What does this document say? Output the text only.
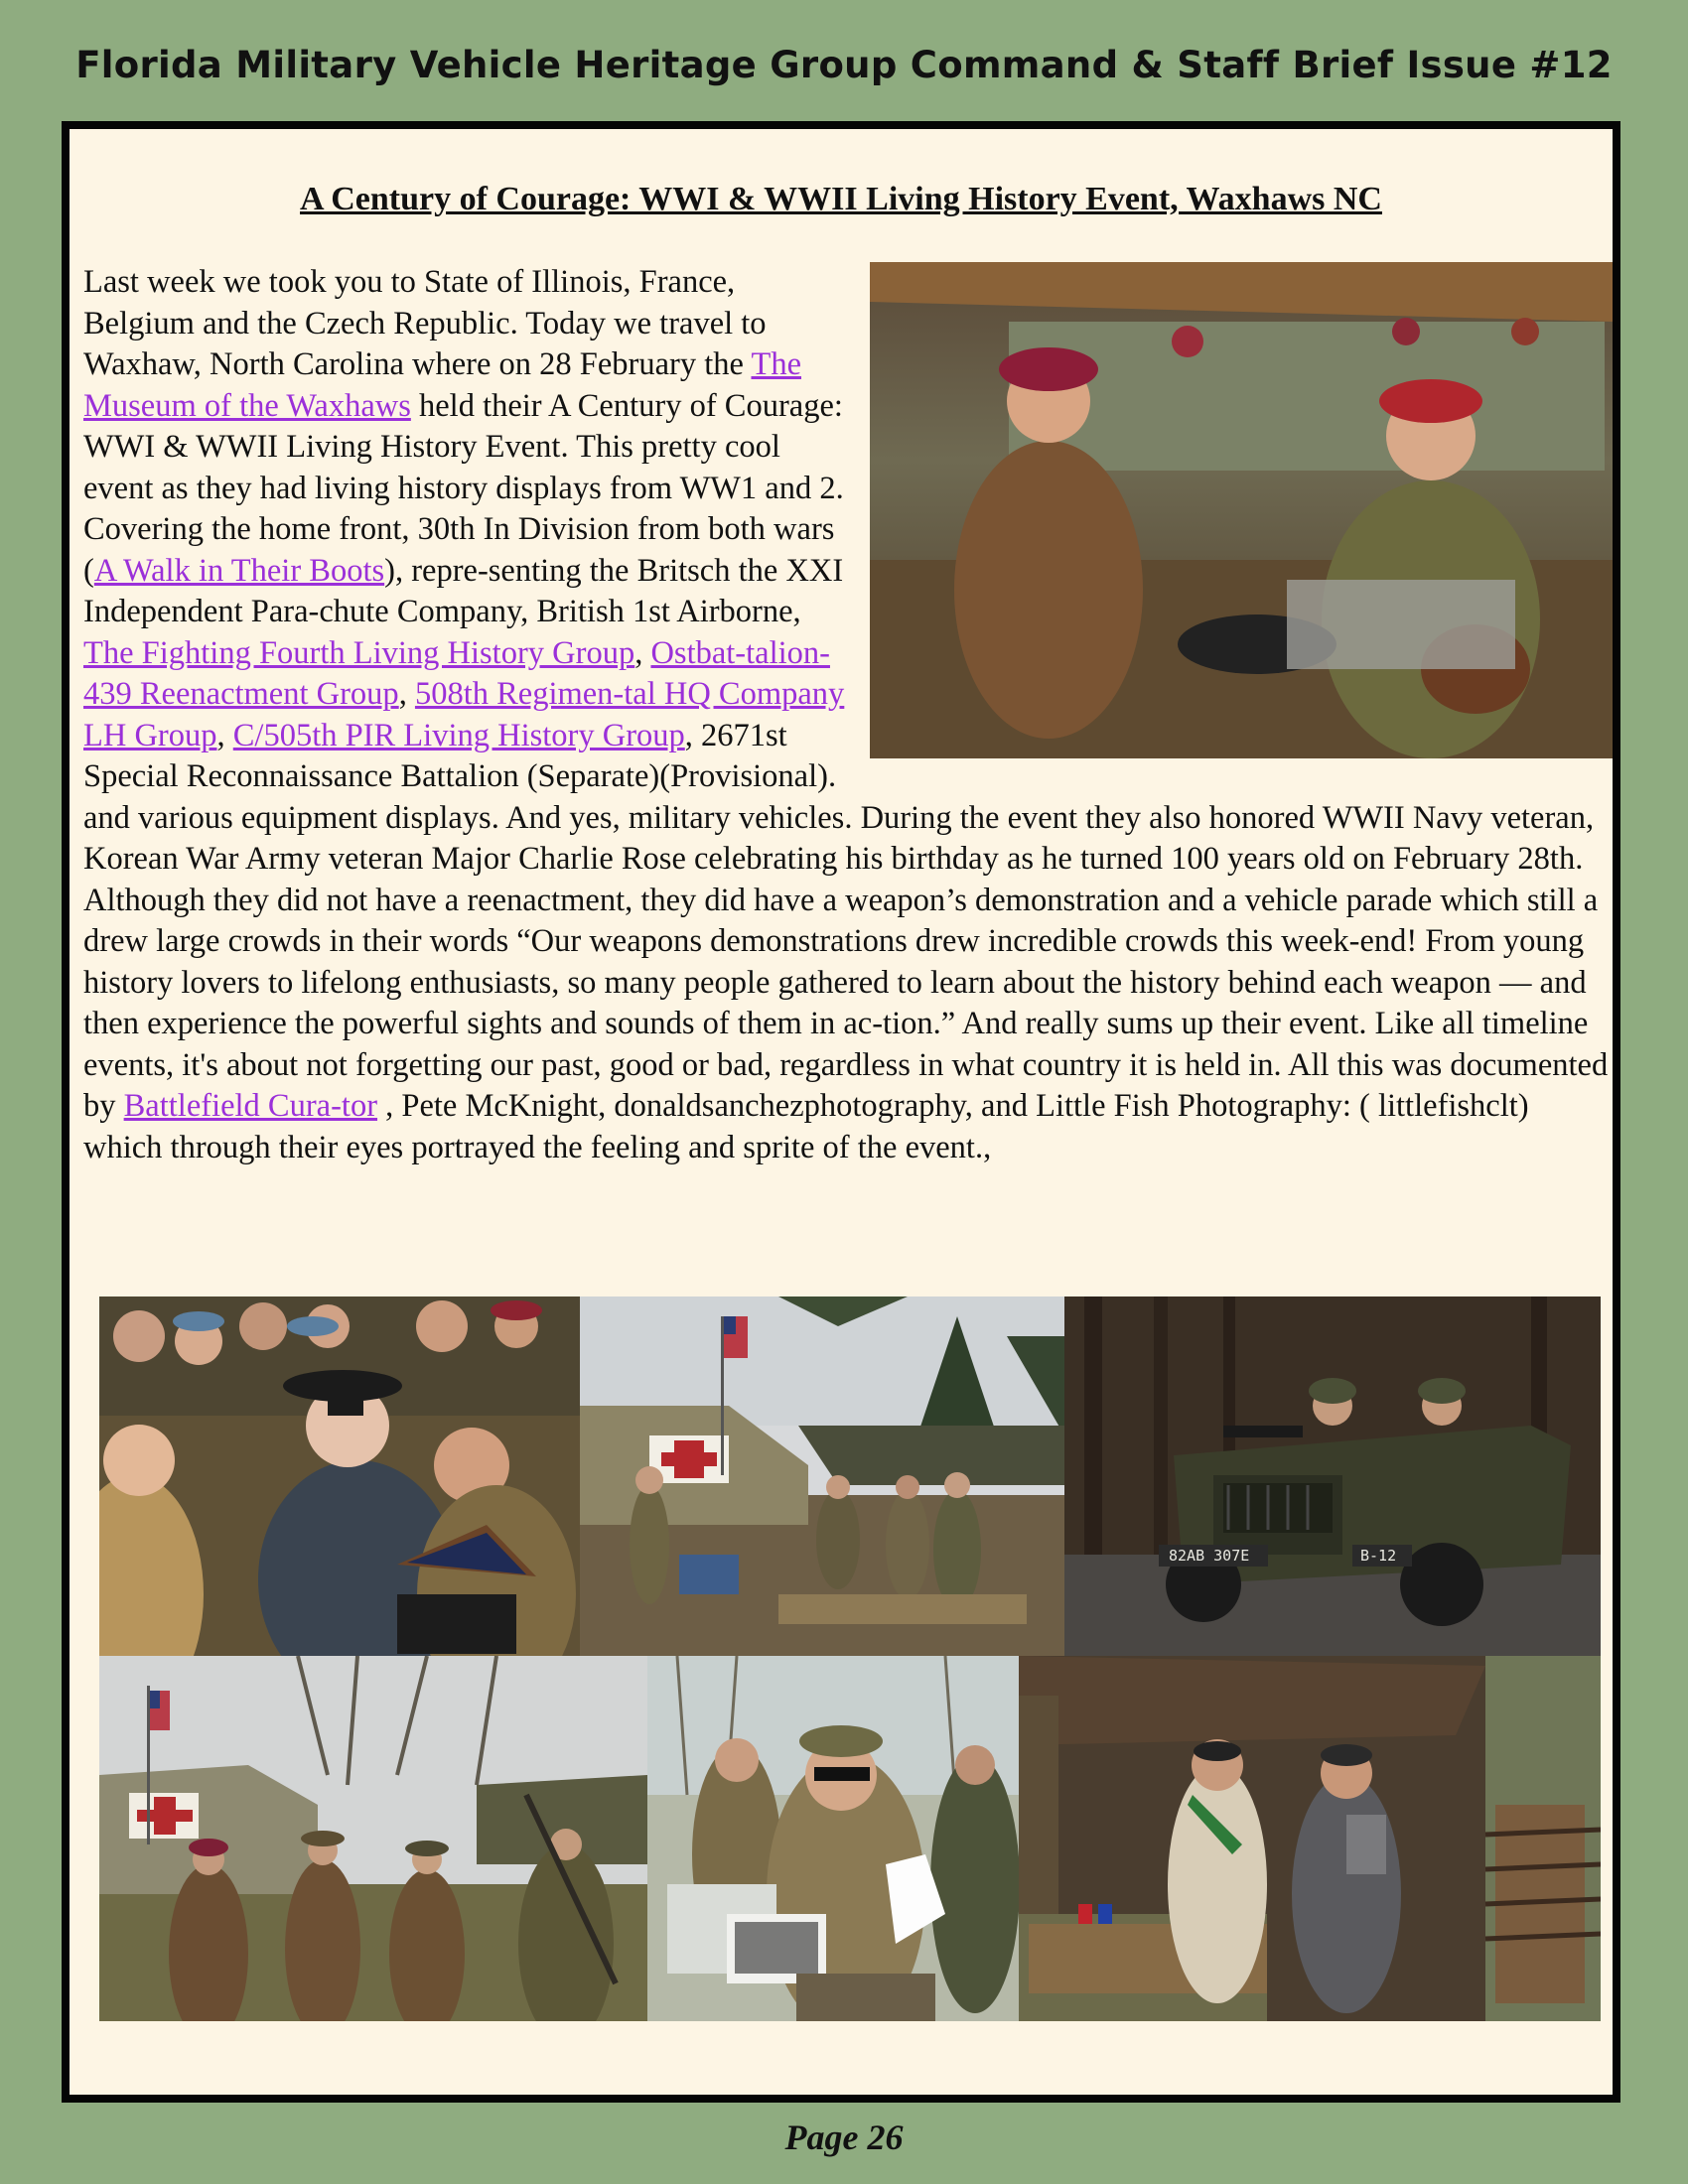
Florida Military Vehicle Heritage Group Command & Staff Brief Issue #12
A Century of Courage: WWI & WWII Living History Event, Waxhaws NC
Last week we took you to State of Illinois, France, Belgium and the Czech Republic. Today we travel to Waxhaw, North Carolina where on 28 February the The Museum of the Waxhaws held their A Century of Courage: WWI & WWII Living History Event. This pretty cool event as they had living history displays from WW1 and 2. Covering the home front, 30th In Division from both wars (A Walk in Their Boots), repre-senting the Britsch the XXI Independent Para-chute Company, British 1st Airborne, The Fighting Fourth Living History Group, Ostbat-talion-439 Reenactment Group, 508th Regimen-tal HQ Company LH Group, C/505th PIR Living History Group, 2671st Special Reconnaissance Battalion (Separate)(Provisional). and various equipment displays. And yes, military vehicles. During the event they also honored WWII Navy veteran, Korean War Army veteran Major Charlie Rose celebrating his birthday as he turned 100 years old on February 28th. Although they did not have a reenactment, they did have a weapon’s demonstration and a vehicle parade which still a drew large crowds in their words “Our weapons demonstrations drew incredible crowds this week-end! From young history lovers to lifelong enthusiasts, so many people gathered to learn about the history behind each weapon — and then experience the powerful sights and sounds of them in ac-tion.” And really sums up their event. Like all timeline events, it's about not forgetting our past, good or bad, regardless in what country it is held in. All this was documented by Battlefield Cura-tor , Pete McKnight, donaldsanchezphotography, and Little Fish Photography: ( littlefishclt) which through their eyes portrayed the feeling and sprite of the event.,
82AB 307E	B-12
Page 26
